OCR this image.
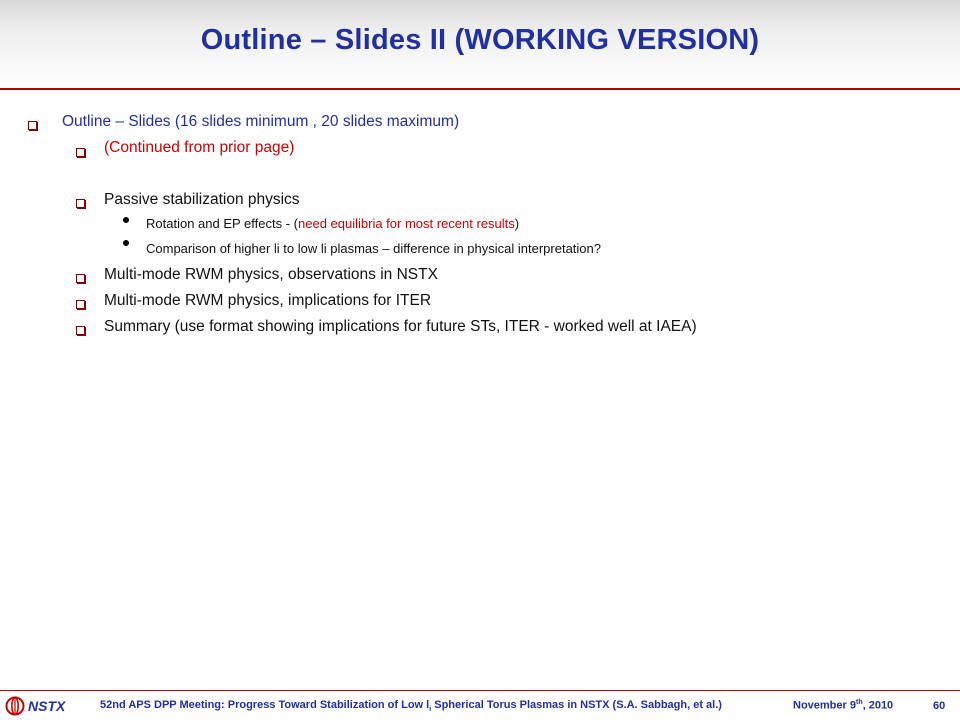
Outline – Slides II (WORKING VERSION)
Outline – Slides (16 slides minimum , 20 slides maximum)
(Continued from prior page)
Passive stabilization physics
Rotation and EP effects - (need equilibria for most recent results)
Comparison of higher li to low li plasmas – difference in physical interpretation?
Multi-mode RWM physics, observations in NSTX
Multi-mode RWM physics, implications for ITER
Summary (use format showing implications for future STs, ITER - worked well at IAEA)
NSTX	52nd APS DPP Meeting: Progress Toward Stabilization of Low $l_i$ Spherical Torus Plasmas in NSTX (S.A. Sabbagh, et al.)	November 9th, 2010	60
